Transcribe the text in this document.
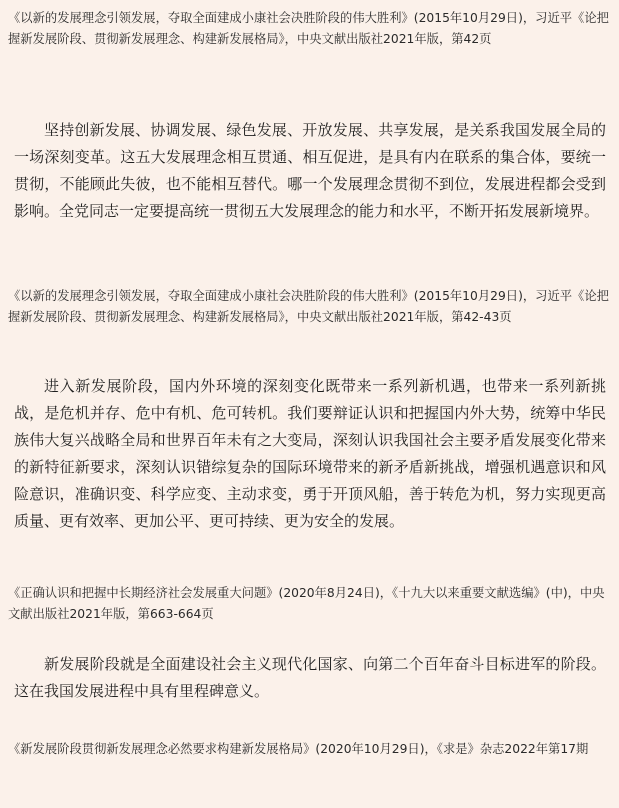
《以新的发展理念引领发展，夺取全面建成小康社会决胜阶段的伟大胜利》(2015年10月29日)，习近平《论把握新发展阶段、贯彻新发展理念、构建新发展格局》，中央文献出版社2021年版，第42页

坚持创新发展、协调发展、绿色发展、开放发展、共享发展，是关系我国发展全局的一场深刻变革。这五大发展理念相互贯通、相互促进，是具有内在联系的集合体，要统一贯彻，不能顾此失彼，也不能相互替代。哪一个发展理念贯彻不到位，发展进程都会受到影响。全党同志一定要提高统一贯彻五大发展理念的能力和水平，不断开拓发展新境界。

《以新的发展理念引领发展，夺取全面建成小康社会决胜阶段的伟大胜利》(2015年10月29日)，习近平《论把握新发展阶段、贯彻新发展理念、构建新发展格局》，中央文献出版社2021年版，第42-43页

进入新发展阶段，国内外环境的深刻变化既带来一系列新机遇，也带来一系列新挑战，是危机并存、危中有机、危可转机。我们要辩证认识和把握国内外大势，统筹中华民族伟大复兴战略全局和世界百年未有之大变局，深刻认识我国社会主要矛盾发展变化带来的新特征新要求，深刻认识错综复杂的国际环境带来的新矛盾新挑战，增强机遇意识和风险意识，准确识变、科学应变、主动求变，勇于开顶风船，善于转危为机，努力实现更高质量、更有效率、更加公平、更可持续、更为安全的发展。

《正确认识和把握中长期经济社会发展重大问题》(2020年8月24日)，《十九大以来重要文献选编》(中)，中央文献出版社2021年版，第663-664页

新发展阶段就是全面建设社会主义现代化国家、向第二个百年奋斗目标进军的阶段。这在我国发展进程中具有里程碑意义。

《新发展阶段贯彻新发展理念必然要求构建新发展格局》(2020年10月29日)，《求是》杂志2022年第17期
